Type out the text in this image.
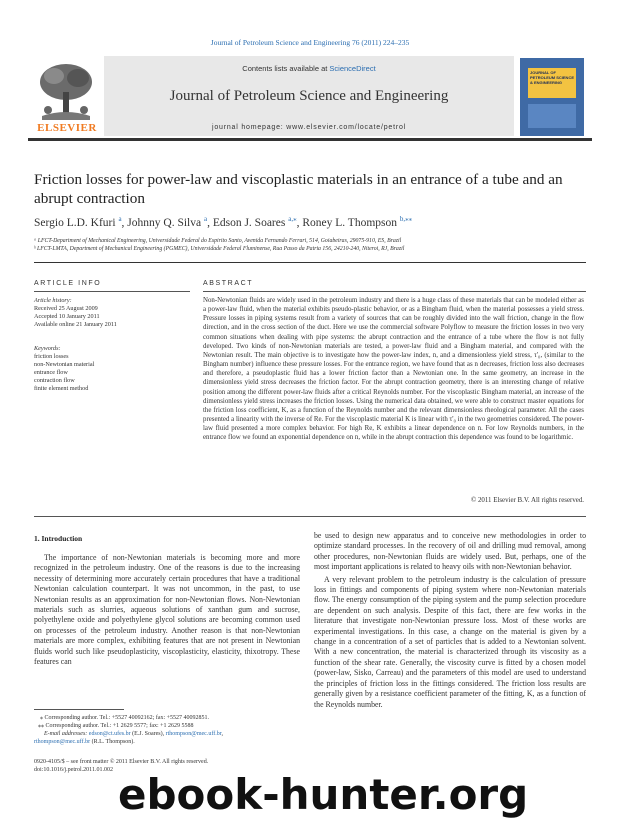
Journal of Petroleum Science and Engineering 76 (2011) 224–235
ELSEVIER
Contents lists available at ScienceDirect
Journal of Petroleum Science and Engineering
journal homepage: www.elsevier.com/locate/petrol
JOURNAL OF PETROLEUM SCIENCE & ENGINEERING
Friction losses for power-law and viscoplastic materials in an entrance of a tube and an abrupt contraction
Sergio L.D. Kfuri $^a$, Johnny Q. Silva $^a$, Edson J. Soares $^{a,⁎}$, Roney L. Thompson $^{b,⁎⁎}$
ᵃ LFCT-Department of Mechanical Engineering, Universidade Federal do Espirito Santo, Avenida Fernando Ferrari, 514, Goiabeiras, 29075-910, ES, Brazil
ᵇ LFCT-LMTA, Department of Mechanical Engineering (PGMEC), Universidade Federal Fluminense, Rua Passo da Patria 156, 24210-240, Niteroi, RJ, Brazil
ARTICLE INFO	ABSTRACT
Article history:
Received 25 August 2009
Accepted 10 January 2011
Available online 21 January 2011
Keywords:
friction losses
non-Newtonian material
entrance flow
contraction flow
finite element method
Non-Newtonian fluids are widely used in the petroleum industry and there is a huge class of these materials that can be modeled either as a power-law fluid, when the material exhibits pseudo-plastic behavior, or as a Bingham fluid, when the material possesses a yield stress. Pressure losses in piping systems result from a variety of sources that can be roughly divided into the wall friction, change in the flow direction, and in the cross section of the duct. Here we use the commercial software Polyflow to measure the friction losses in two very common situations when dealing with pipe systems: the abrupt contraction and the entrance of a tube where the flow is not fully developed. Two kinds of non-Newtonian materials are tested, a power-law fluid and a Bingham material, and compared with the Newtonian result. The main objective is to investigate how the power-law index, n, and a dimensionless yield stress, τ'₀, (similar to the Bingham number) influence these pressure losses. For the entrance region, we have found that as n decreases, friction loss also decreases and therefore, a pseudoplastic fluid has a lower friction factor than a Newtonian one. In the same geometry, an increase in the dimensionless yield stress decreases the friction factor. For the abrupt contraction geometry, there is an interesting change of relative position among the different power-law fluids after a critical Reynolds number. For the viscoplastic Bingham material, an increase of the dimensionless yield stress increases the friction losses. Using the numerical data obtained, we were able to construct master equations for the friction loss coefficient, K, as a function of the Reynolds number and the relevant dimensionless rheological parameter. All the cases presented a linearity with the inverse of Re. For the viscoplastic material K is linear with τ'₀ in the two geometries considered. The power-law fluid presented a more complex behavior. For high Re, K exhibits a linear dependence on n. For low Reynolds numbers, in the entrance flow we found an exponential dependence on n, while in the abrupt contraction this dependence was found to be logarithmic.
© 2011 Elsevier B.V. All rights reserved.
1. Introduction

The importance of non-Newtonian materials is becoming more and more recognized in the petroleum industry. One of the reasons is due to the increasing necessity of determining more accurately certain procedures that have a traditional Newtonian calculation counterpart. It was not uncommon, in the past, to use Newtonian results as an approximation for non-Newtonian flows. Non-Newtonian materials such as slurries, aqueous solutions of xanthan gum and sucrose, polyethylene oxide and polyethylene glycol solutions are becoming common used on processes of the petroleum industry. Another reason is that non-Newtonian materials are more complex, exhibiting features that are not present in Newtonian fluids world such like pseudoplasticity, viscoplasticity, elasticity, thixotropy. These features can

be used to design new apparatus and to conceive new methodologies in order to optimize standard processes. In the recovery of oil and drilling mud removal, among other procedures, non-Newtonian fluids are widely used. But, perhaps, one of the most important applications is related to heavy oils with non-Newtonian behavior.

A very relevant problem to the petroleum industry is the calculation of pressure loss in fittings and components of piping system where non-Newtonian materials flow. The energy consumption of the piping system and the pump selection procedure are dependent on such analysis. Despite of this fact, there are few works in the literature that investigate non-Newtonian pressure loss. Most of these works are experimental investigations. In this case, a change on the material is given by a change in a concentration of a set of particles that is added to a Newtonian solvent. With a new concentration, the material is characterized through its viscosity as a function of the shear rate. Generally, the viscosity curve is fitted by a chosen model (power-law, Sisko, Carreau) and the parameters of this model are used to understand the principles of friction loss in the fittings considered. The friction loss results are generally given by a resistance coefficient parameter of the fitting, K, as a function of the Reynolds number.

⁎ Corresponding author. Tel.: +5527 40092162; fax: +5527 40092851.
⁎⁎ Corresponding author. Tel.: +1 2629 5577; fax: +1 2629 5588
E-mail addresses: edson@ct.ufes.br (E.J. Soares), rthompson@mec.uff.br,
rthompson@mec.uff.br (R.L. Thompson).
0920-4105/$ – see front matter © 2011 Elsevier B.V. All rights reserved.
doi:10.1016/j.petrol.2011.01.002 ebook-hunter.org
